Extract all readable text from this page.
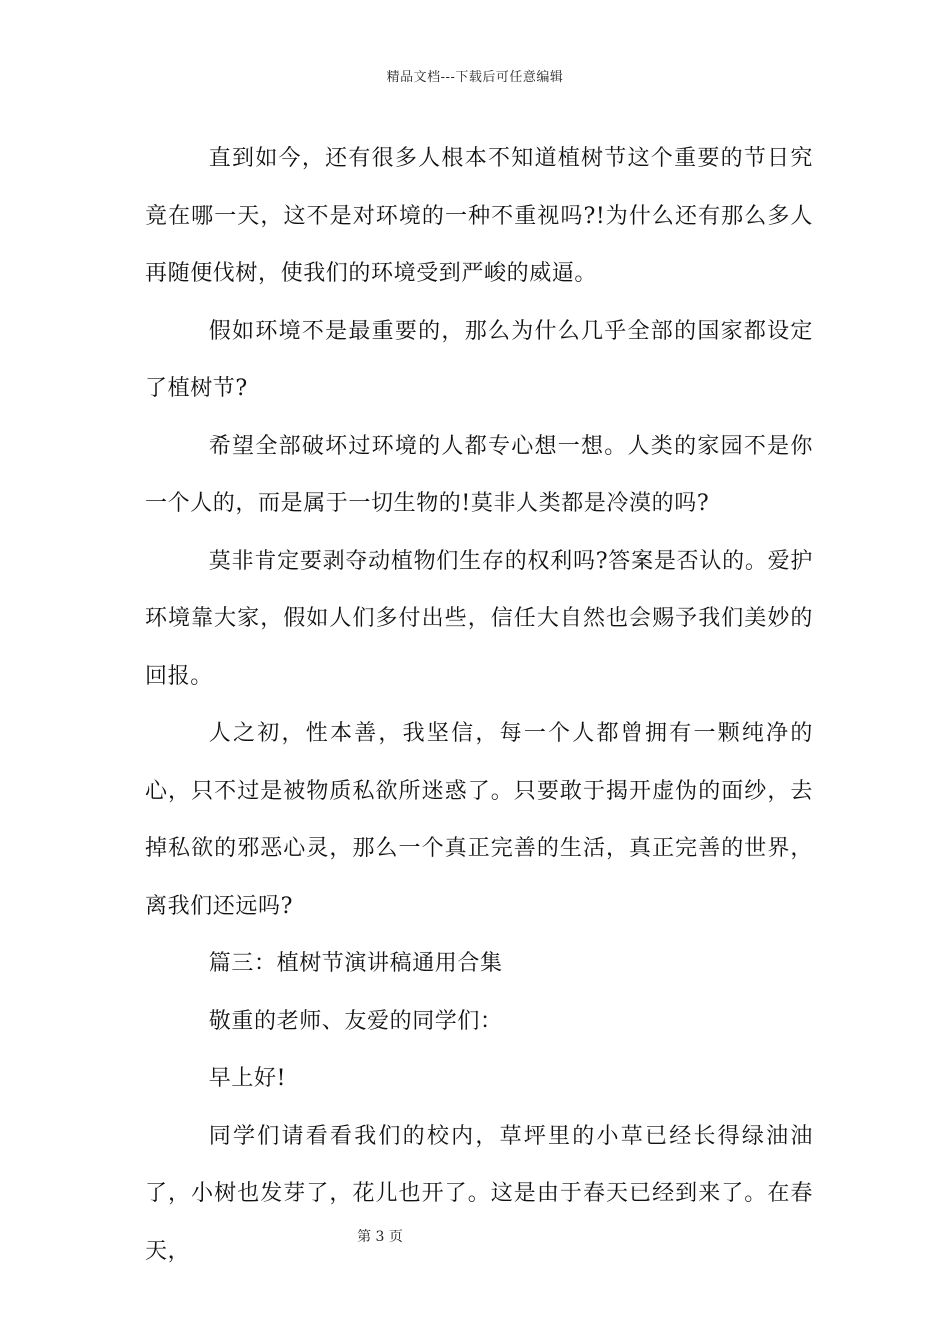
精品文档---下载后可任意编辑

直到如今，还有很多人根本不知道植树节这个重要的节日究竟在哪一天，这不是对环境的一种不重视吗?!为什么还有那么多人再随便伐树，使我们的环境受到严峻的威逼。

假如环境不是最重要的，那么为什么几乎全部的国家都设定了植树节?

希望全部破坏过环境的人都专心想一想。人类的家园不是你一个人的，而是属于一切生物的!莫非人类都是冷漠的吗?

莫非肯定要剥夺动植物们生存的权利吗?答案是否认的。爱护环境靠大家，假如人们多付出些，信任大自然也会赐予我们美妙的回报。

人之初，性本善，我坚信，每一个人都曾拥有一颗纯净的心，只不过是被物质私欲所迷惑了。只要敢于揭开虚伪的面纱，去掉私欲的邪恶心灵，那么一个真正完善的生活，真正完善的世界，离我们还远吗?

篇三：植树节演讲稿通用合集

敬重的老师、友爱的同学们：

早上好!

同学们请看看我们的校内，草坪里的小草已经长得绿油油了，小树也发芽了，花儿也开了。这是由于春天已经到来了。在春天，

第 3 页
